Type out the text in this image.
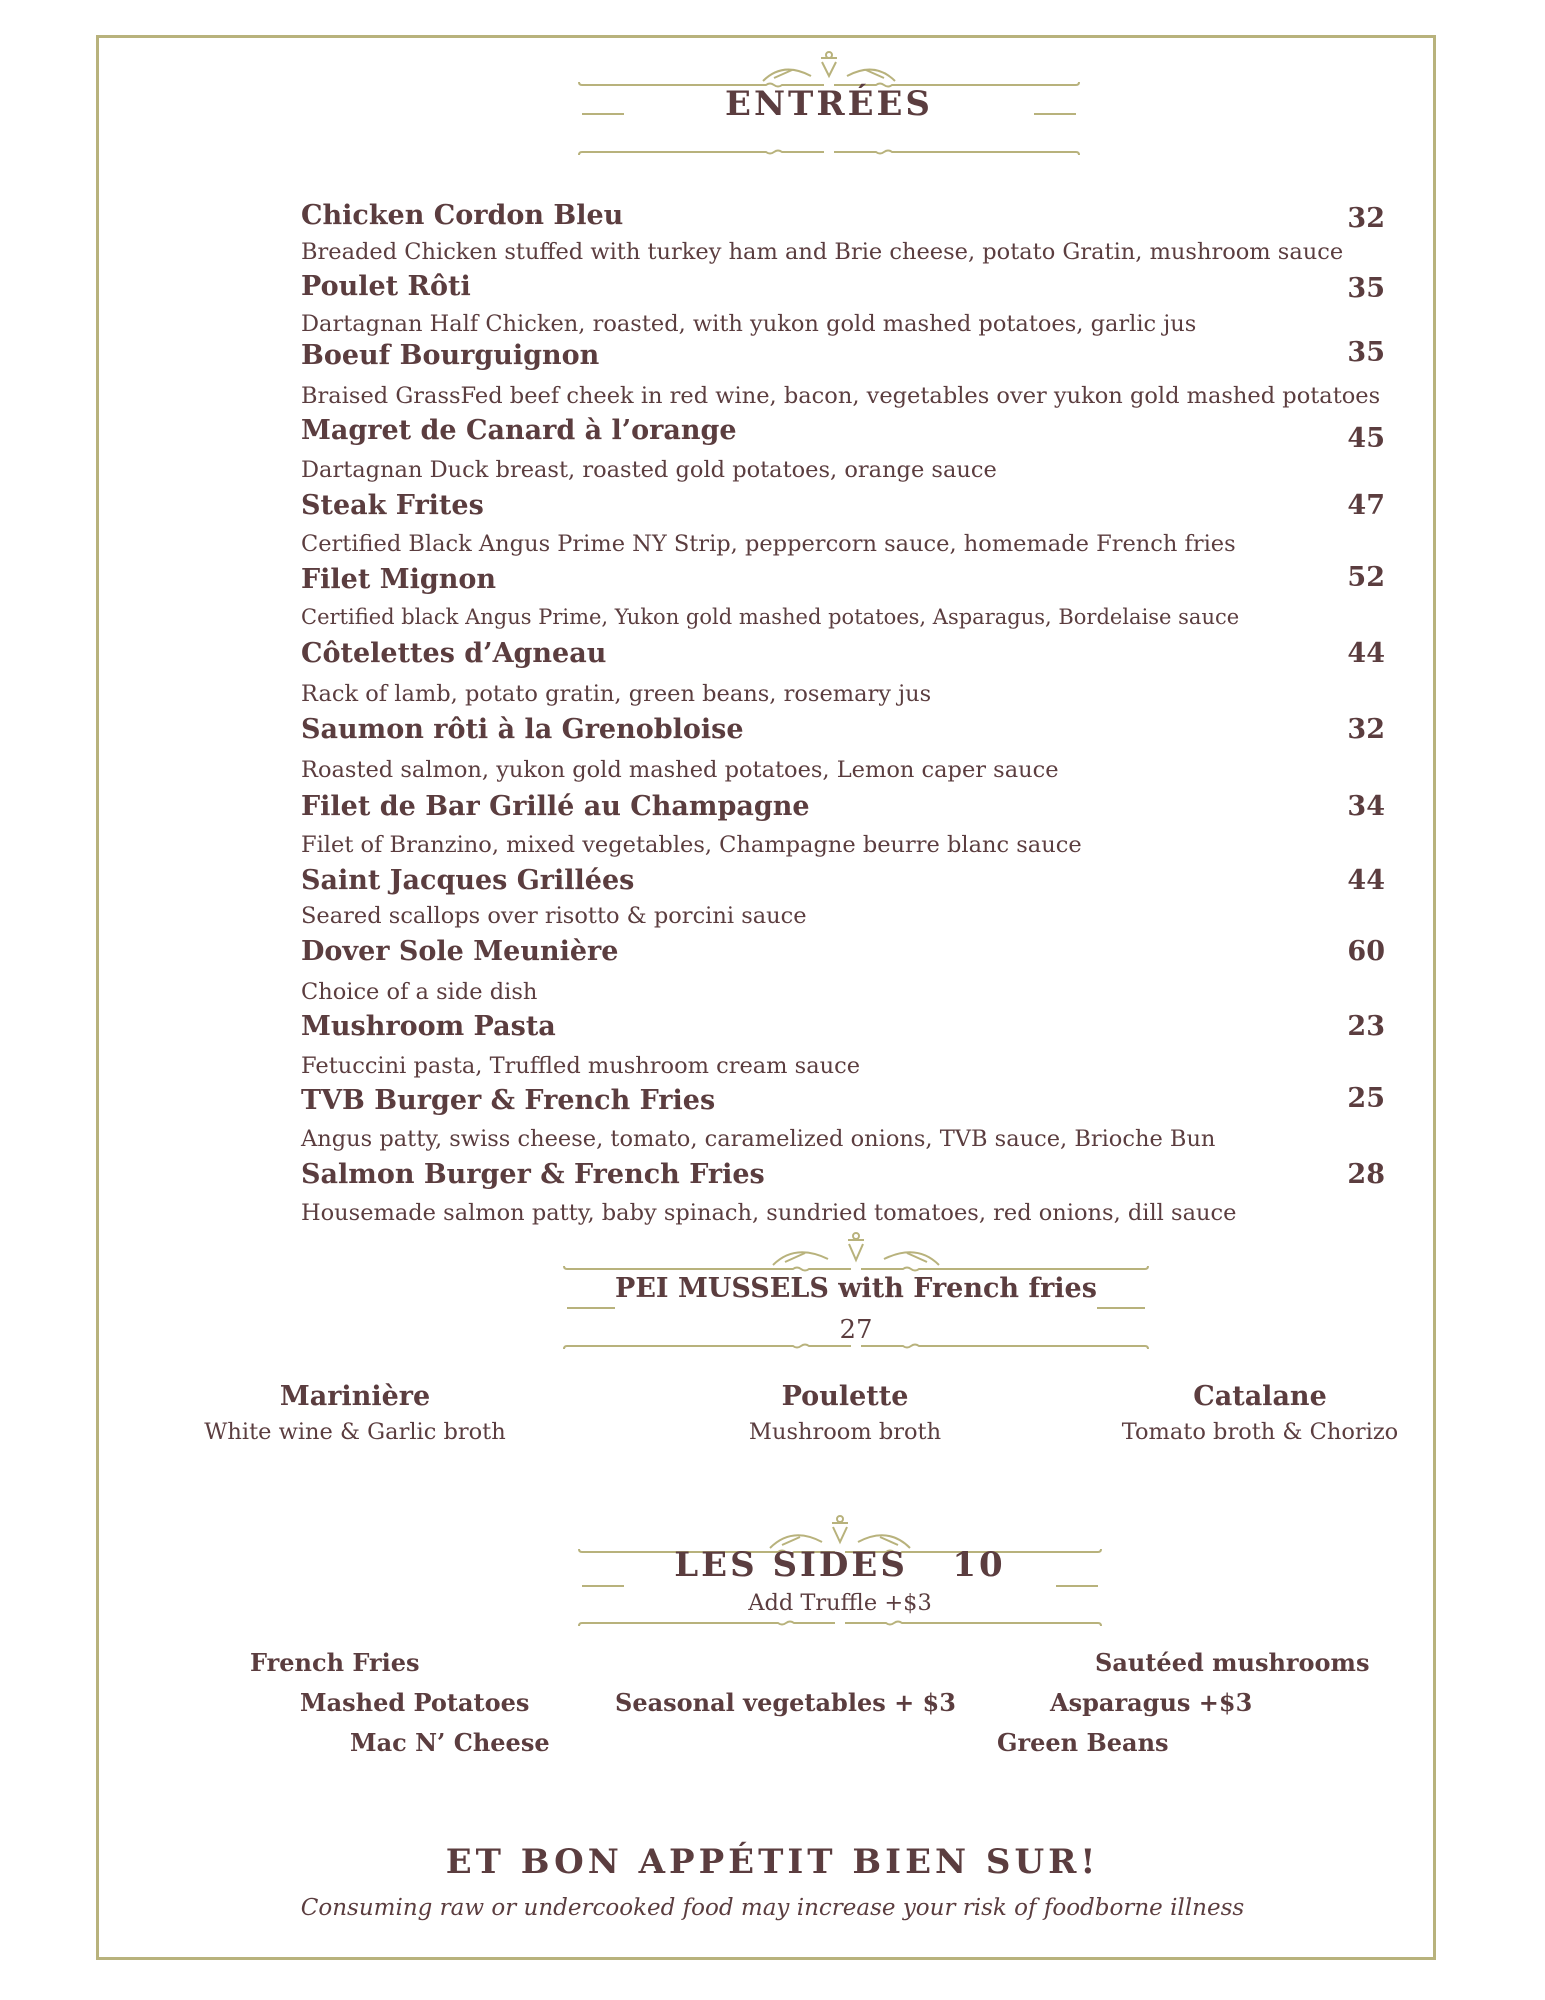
ENTRÉES
Chicken Cordon Bleu	32
Breaded Chicken stuffed with turkey ham and Brie cheese, potato Gratin, mushroom sauce
Poulet Rôti	35
Dartagnan Half Chicken, roasted, with yukon gold mashed potatoes, garlic jus
Boeuf Bourguignon	35
Braised GrassFed beef cheek in red wine, bacon, vegetables over yukon gold mashed potatoes
Magret de Canard à l’orange	45
Dartagnan Duck breast, roasted gold potatoes, orange sauce
Steak Frites	47
Certified Black Angus Prime NY Strip, peppercorn sauce, homemade French fries
Filet Mignon	52
Certified black Angus Prime, Yukon gold mashed potatoes, Asparagus, Bordelaise sauce
Côtelettes d’Agneau	44
Rack of lamb, potato gratin, green beans, rosemary jus
Saumon rôti à la Grenobloise	32
Roasted salmon, yukon gold mashed potatoes, Lemon caper sauce
Filet de Bar Grillé au Champagne	34
Filet of Branzino, mixed vegetables, Champagne beurre blanc sauce
Saint Jacques Grillées	44
Seared scallops over risotto & porcini sauce
Dover Sole Meunière	60
Choice of a side dish
Mushroom Pasta	23
Fetuccini pasta, Truffled mushroom cream sauce
TVB Burger & French Fries	25
Angus patty, swiss cheese, tomato, caramelized onions, TVB sauce, Brioche Bun
Salmon Burger & French Fries	28
Housemade salmon patty, baby spinach, sundried tomatoes, red onions, dill sauce
PEI MUSSELS with French fries
27
Marinière
White wine & Garlic broth
Poulette
Mushroom broth
Catalane
Tomato broth & Chorizo
LES SIDES   10
Add Truffle +$3
French Fries
Mashed Potatoes
Mac N’ Cheese
Seasonal vegetables + $3
Sautéed mushrooms
Asparagus +$3
Green Beans
ET BON APPÉTIT BIEN SUR!
Consuming raw or undercooked food may increase your risk of foodborne illness
